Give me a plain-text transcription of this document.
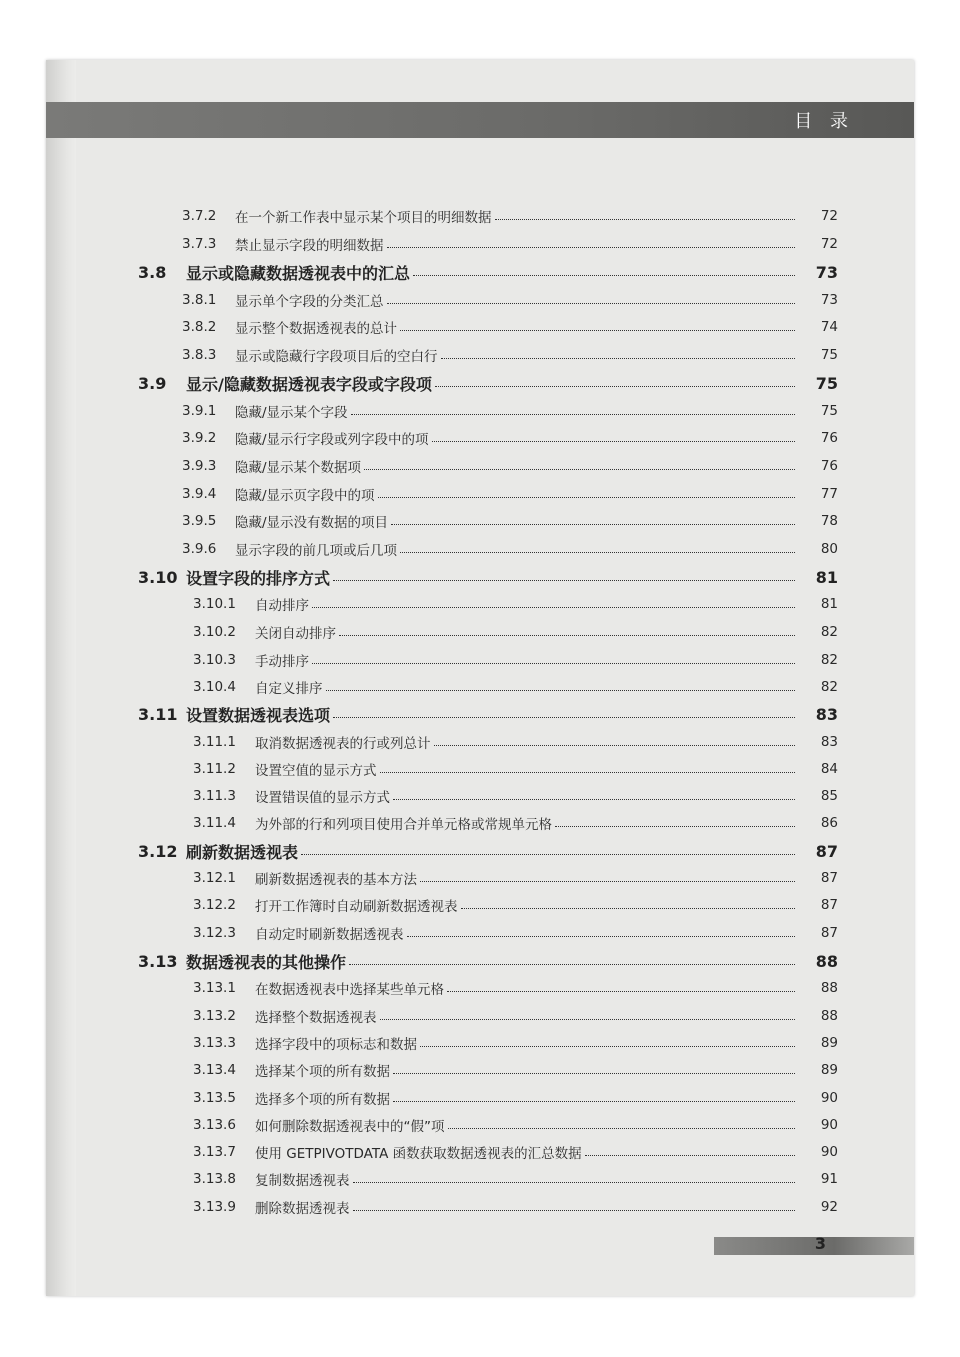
目 录
3.7.2	在一个新工作表中显示某个项目的明细数据	72
3.7.3	禁止显示字段的明细数据	72
3.8	显示或隐藏数据透视表中的汇总	73
3.8.1	显示单个字段的分类汇总	73
3.8.2	显示整个数据透视表的总计	74
3.8.3	显示或隐藏行字段项目后的空白行	75
3.9	显示/隐藏数据透视表字段或字段项	75
3.9.1	隐藏/显示某个字段	75
3.9.2	隐藏/显示行字段或列字段中的项	76
3.9.3	隐藏/显示某个数据项	76
3.9.4	隐藏/显示页字段中的项	77
3.9.5	隐藏/显示没有数据的项目	78
3.9.6	显示字段的前几项或后几项	80
3.10 设置字段的排序方式	81
3.10.1	自动排序	81
3.10.2	关闭自动排序	82
3.10.3	手动排序	82
3.10.4	自定义排序	82
3.11 设置数据透视表选项	83
3.11.1	取消数据透视表的行或列总计	83
3.11.2	设置空值的显示方式	84
3.11.3	设置错误值的显示方式	85
3.11.4	为外部的行和列项目使用合并单元格或常规单元格	86
3.12 刷新数据透视表	87
3.12.1	刷新数据透视表的基本方法	87
3.12.2	打开工作簿时自动刷新数据透视表	87
3.12.3	自动定时刷新数据透视表	87
3.13 数据透视表的其他操作	88
3.13.1	在数据透视表中选择某些单元格	88
3.13.2	选择整个数据透视表	88
3.13.3	选择字段中的项标志和数据	89
3.13.4	选择某个项的所有数据	89
3.13.5	选择多个项的所有数据	90
3.13.6	如何删除数据透视表中的“假”项	90
3.13.7	使用 GETPIVOTDATA 函数获取数据透视表的汇总数据	90
3.13.8	复制数据透视表	91
3.13.9	删除数据透视表	92
3
